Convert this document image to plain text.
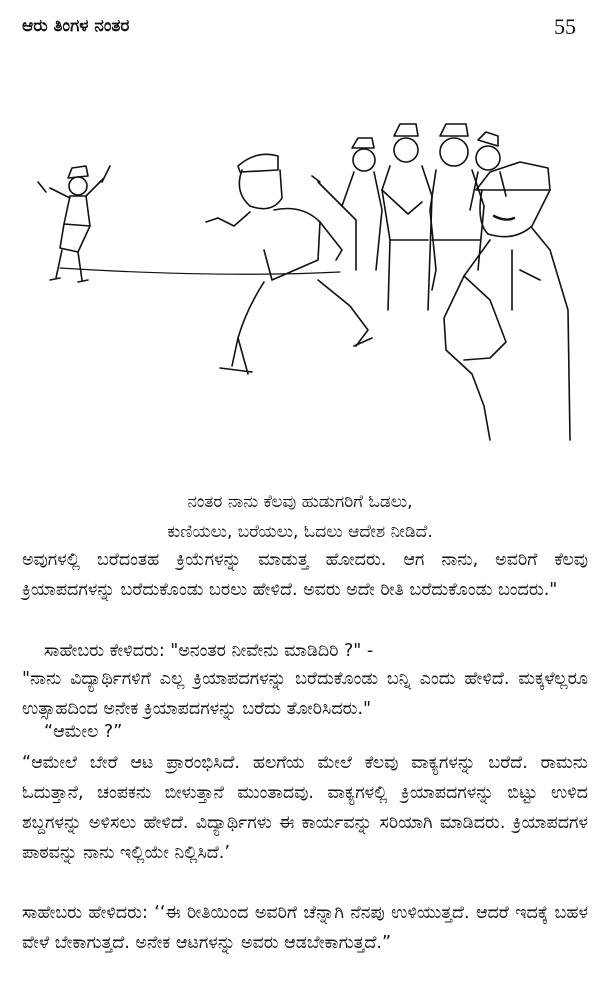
ಆರು ತಿಂಗಳ ನಂತರ	55
ನಂತರ ನಾನು ಕೆಲವು ಹುಡುಗರಿಗೆ ಓಡಲು,
ಕುಣಿಯಲು, ಬರೆಯಲು, ಓದಲು ಆದೇಶ ನೀಡಿದೆ.
ಅವುಗಳಲ್ಲಿ ಬರೆದಂತಹ ಕ್ರಿಯೆಗಳನ್ನು ಮಾಡುತ್ತ ಹೋದರು. ಆಗ ನಾನು, ಅವರಿಗೆ ಕೆಲವು ಕ್ರಿಯಾಪದಗಳನ್ನು ಬರೆದುಕೊಂಡು ಬರಲು ಹೇಳಿದೆ. ಅವರು ಅದೇ ರೀತಿ ಬರೆದುಕೊಂಡು ಬಂದರು."
ಸಾಹೇಬರು ಕೇಳಿದರು: "ಅನಂತರ ನೀವೇನು ಮಾಡಿದಿರಿ ?" -
"ನಾನು ವಿದ್ಯಾರ್ಥಿಗಳಿಗೆ ಎಲ್ಲ ಕ್ರಿಯಾಪದಗಳನ್ನು ಬರೆದುಕೊಂಡು ಬನ್ನಿ ಎಂದು ಹೇಳಿದೆ. ಮಕ್ಕಳೆಲ್ಲರೂ ಉತ್ಸಾಹದಿಂದ ಅನೇಕ ಕ್ರಿಯಾಪದಗಳನ್ನು ಬರೆದು ತೋರಿಸಿದರು."
“ಆಮೇಲ ?”
“ಆಮೇಲೆ ಬೇರೆ ಆಟ ಪ್ರಾರಂಭಿಸಿದೆ. ಹಲಗೆಯ ಮೇಲೆ ಕೆಲವು ವಾಕ್ಯಗಳನ್ನು ಬರೆದೆ. ರಾಮನು ಓದುತ್ತಾನೆ, ಚಂಪಕನು ಬೀಳುತ್ತಾನೆ ಮುಂತಾದವು. ವಾಕ್ಯಗಳಲ್ಲಿ ಕ್ರಿಯಾಪದಗಳನ್ನು ಬಿಟ್ಟು ಉಳಿದ ಶಬ್ದಗಳನ್ನು ಅಳಿಸಲು ಹೇಳಿದೆ. ವಿದ್ಯಾರ್ಥಿಗಳು ಈ ಕಾರ್ಯವನ್ನು ಸರಿಯಾಗಿ ಮಾಡಿದರು. ಕ್ರಿಯಾಪದಗಳ ಪಾಠವನ್ನು ನಾನು ಇಲ್ಲಿಯೇ ನಿಲ್ಲಿಸಿದೆ.’
ಸಾಹೇಬರು ಹೇಳಿದರು: ‘‘ಈ ರೀತಿಯಿಂದ ಅವರಿಗೆ ಚೆನ್ನಾಗಿ ನೆನಪು ಉಳಿಯುತ್ತದೆ. ಆದರೆ ಇದಕ್ಕೆ ಬಹಳ ವೇಳೆ ಬೇಕಾಗುತ್ತದೆ. ಅನೇಕ ಆಟಗಳನ್ನು ಅವರು ಆಡಬೇಕಾಗುತ್ತದೆ.”
